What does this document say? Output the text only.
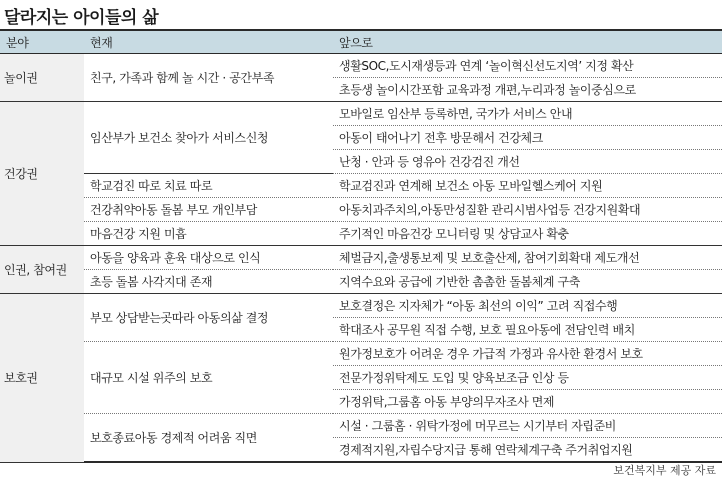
달라지는 아이들의 삶
분야	현재	앞으로
놀이권	친구, 가족과 함께 놀 시간 · 공간부족	생활SOC,도시재생등과 연계 ‘놀이혁신선도지역’ 지정 확산
		초등생 놀이시간포함 교육과정 개편,누리과정 놀이중심으로
건강권	임산부가 보건소 찾아가 서비스신청	모바일로 임산부 등록하면, 국가가 서비스 안내
		아동이 태어나기 전후 방문해서 건강체크
		난청 · 안과 등 영유아 건강검진 개선
	학교검진 따로 치료 따로	학교검진과 연계해 보건소 아동 모바일헬스케어 지원
	건강취약아동 돌봄 부모 개인부담	아동치과주치의,아동만성질환 관리시범사업등 건강지원확대
	마음건강 지원 미흡	주기적인 마음건강 모니터링 및 상담교사 확충
인권, 참여권	아동을 양육과 훈육 대상으로 인식	체벌금지,출생통보제 및 보호출산제, 참여기회확대 제도개선
	초등 돌봄 사각지대 존재	지역수요와 공급에 기반한 촘촘한 돌봄체계 구축
보호권	부모 상담받는곳따라 아동의삶 결정	보호결정은 지자체가 “아동 최선의 이익” 고려 직접수행
		학대조사 공무원 직접 수행, 보호 필요아동에 전담인력 배치
	대규모 시설 위주의 보호	원가정보호가 어려운 경우 가급적 가정과 유사한 환경서 보호
		전문가정위탁제도 도입 및 양육보조금 인상 등
		가정위탁,그룹홈 아동 부양의무자조사 면제
	보호종료아동 경제적 어려움 직면	시설 · 그룹홈 · 위탁가정에 머무르는 시기부터 자립준비
		경제적지원,자립수당지급 통해 연락체계구축 주거취업지원
보건복지부 제공 자료
